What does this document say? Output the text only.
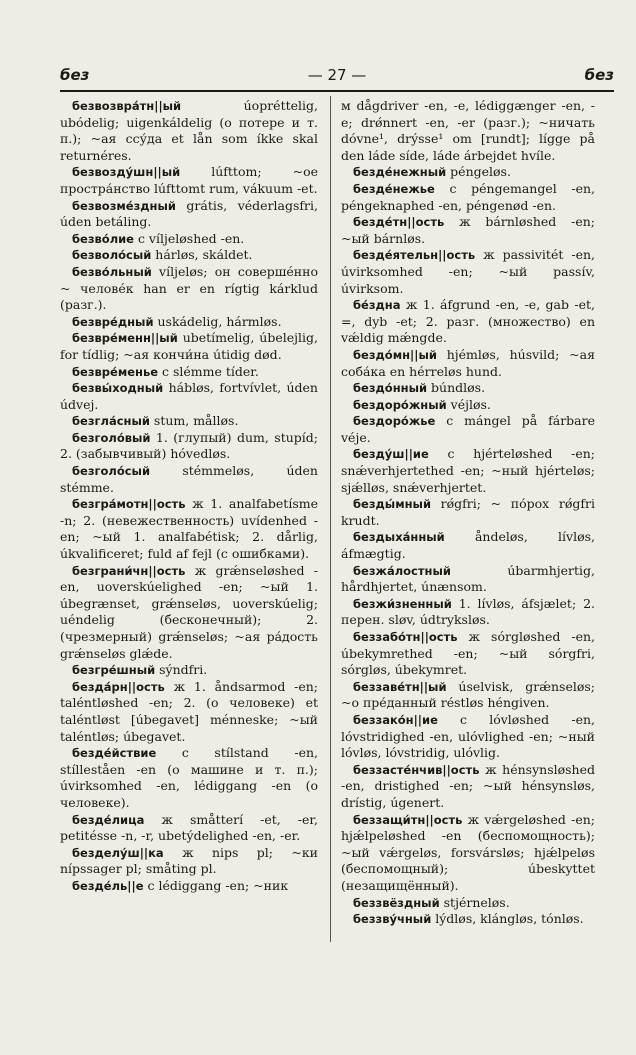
без	— 27 —	без

безвозвра́тн||ый úopréttelig, ubódelig; uigenkáldelig (о потере и т. п.); ~ая ссу́да et lån som íkke skal returnéres.

безвозду́шн||ый lúfttom; ~ое простра́нство lúfttomt rum, vákuum -et.

безвозме́здный grátis, véderlagsfri, úden betáling.

безво́лие с víljeløshed -en.

безволо́сый hárløs, skáldet.

безво́льный víljeløs; он совершéнно ~ человéк han er en rígtig kárklud (разг.).

безвре́дный uskádelig, hármløs.

безвре́менн||ый ubetímelig, úbelejlig, for tídlig; ~ая кончи́на útidig død.

безвре́менье с slémme tíder.

безвы́ходный hábløs, fortvívlet, úden údvej.

безгла́сный stum, målløs.

безголо́вый 1. (глупый) dum, stupíd; 2. (забывчивый) hóvedløs.

безголо́сый stémmeløs, úden stémme.

безгра́мотн||ость ж 1. analfabetísme -n; 2. (невежественность) uvídenhed -en; ~ый 1. analfabétisk; 2. dårlig, úkvalificeret; fuld af fejl (с ошибками).

безграни́чн||ость ж grǽnseløshed -en, uoverskúelighed -en; ~ый 1. úbegrænset, grǽnseløs, uoverskúelig; uéndelig (бесконечный); 2. (чрезмерный) grǽnseløs; ~ая ра́дость grǽnseløs glǽde.

безгре́шный sýndfri.

безда́рн||ость ж 1. åndsarmod -en; taléntløshed -en; 2. (о человеке) et taléntløst [úbegavet] ménneske; ~ый taléntløs; úbegavet.

безде́йствие с stílstand -en, stílleståen -en (о машине и т. п.); úvirksomhed -en, lédiggang -en (о человеке).

безде́лица ж småtterí -et, -er, petitésse -n, -r, ubetýdelighed -en, -er.

безделу́ш||ка ж nips pl; ~ки nípssager pl; småting pl.

безде́ль||е с lédiggang -en; ~ник

м dågdriver -en, -e, lédiggænger -en, -e; drǿnnert -en, -er (разг.); ~ничать dóvne¹, drýsse¹ om [rundt]; lígge på den láde síde, láde árbejdet hvíle.

безде́нежный péngeløs.

безде́нежье с péngemangel -en, péngeknaphed -en, péngenød -en.

безде́тн||ость ж bárnløshed -en; ~ый bárnløs.

безде́ятельн||ость ж passivitét -en, úvirksomhed -en; ~ый passív, úvirksom.

бе́здна ж 1. áfgrund -en, -e, gab -et, =, dyb -et; 2. разг. (множество) en vǽldig mǽngde.

бездо́мн||ый hjémløs, húsvild; ~ая соба́ка en hérreløs hund.

бездо́нный búndløs.

бездоро́жный véjløs.

бездоро́жье с mángel på fárbare véje.

безду́ш||ие с hjérteløshed -en; snǽverhjertethed -en; ~ный hjérteløs; sjǽlløs, snǽverhjertet.

безды́мный rǿgfri; ~ по́рох rǿgfri krudt.

бездыха́нный åndeløs, lívløs, áfmægtig.

безжа́лостный úbarmhjertig, hårdhjertet, únænsom.

безжи́зненный 1. lívløs, áfsjælet; 2. перен. sløv, údtryksløs.

беззабо́тн||ость ж sórgløshed -en, úbekymrethed -en; ~ый sórgfri, sórgløs, úbekymret.

беззаве́тн||ый úselvisk, grǽnseløs; ~о пре́данный réstløs héngiven.

беззако́н||ие с lóvløshed -en, lóvstridighed -en, ulóvlighed -en; ~ный lóvløs, lóvstridig, ulóvlig.

беззасте́нчив||ость ж hénsynsløshed -en, dristighed -en; ~ый hénsynsløs, drístig, úgenert.

беззащи́тн||ость ж vǽrgeløshed -en; hjǽlpeløshed -en (беспомощность); ~ый vǽrgeløs, forsvársløs; hjǽlpeløs (беспомощный); úbeskyttet (незащищённый).

беззвёздный stjérneløs.

беззву́чный lýdløs, klángløs, tónløs.
